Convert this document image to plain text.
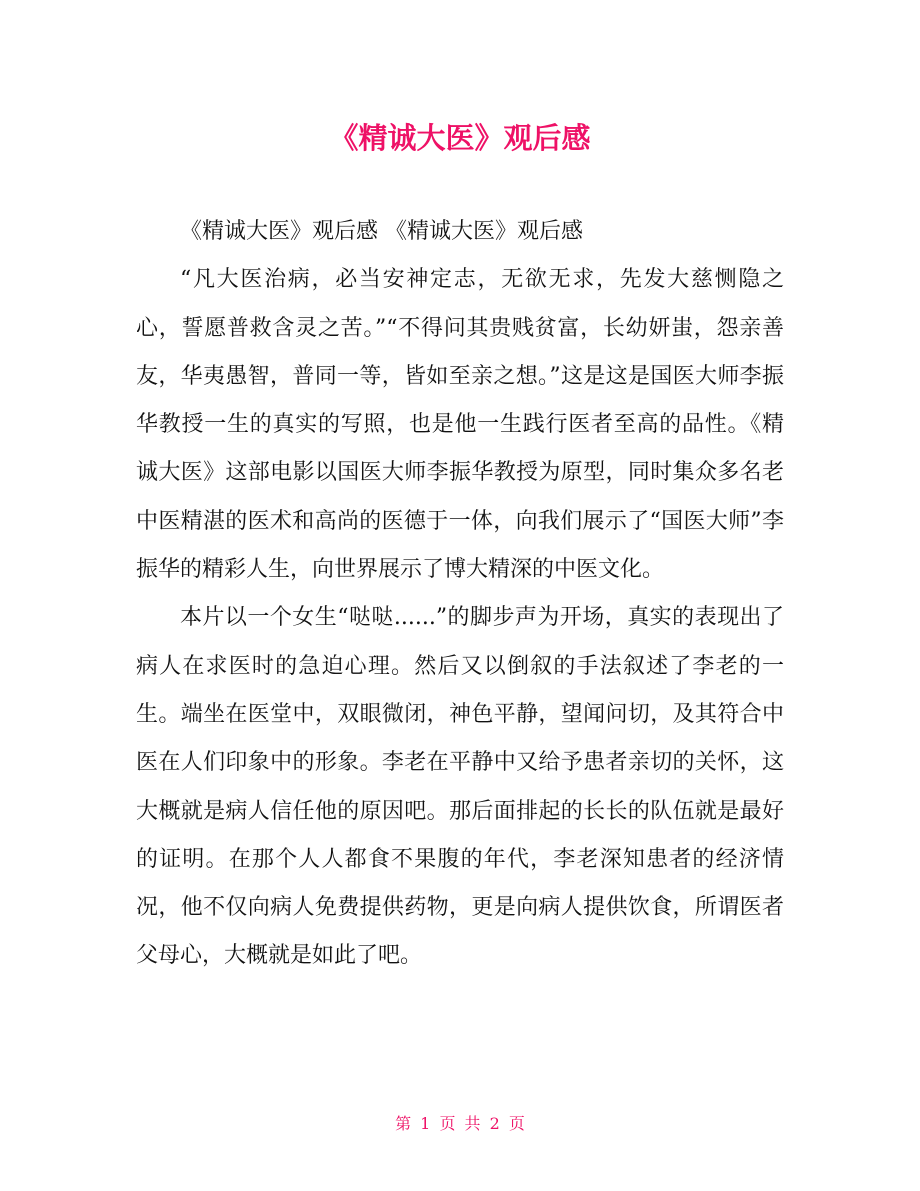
《精诚大医》观后感

《精诚大医》观后感 《精诚大医》观后感

“凡大医治病，必当安神定志，无欲无求，先发大慈恻隐之心，誓愿普救含灵之苦。”“不得问其贵贱贫富，长幼妍蚩，怨亲善友，华夷愚智，普同一等，皆如至亲之想。”这是这是国医大师李振华教授一生的真实的写照，也是他一生践行医者至高的品性。《精诚大医》这部电影以国医大师李振华教授为原型，同时集众多名老中医精湛的医术和高尚的医德于一体，向我们展示了“国医大师”李振华的精彩人生，向世界展示了博大精深的中医文化。

本片以一个女生“哒哒......”的脚步声为开场，真实的表现出了病人在求医时的急迫心理。然后又以倒叙的手法叙述了李老的一生。端坐在医堂中，双眼微闭，神色平静，望闻问切，及其符合中医在人们印象中的形象。李老在平静中又给予患者亲切的关怀，这大概就是病人信任他的原因吧。那后面排起的长长的队伍就是最好的证明。在那个人人都食不果腹的年代，李老深知患者的经济情况，他不仅向病人免费提供药物，更是向病人提供饮食，所谓医者父母心，大概就是如此了吧。

第 1 页 共 2 页
